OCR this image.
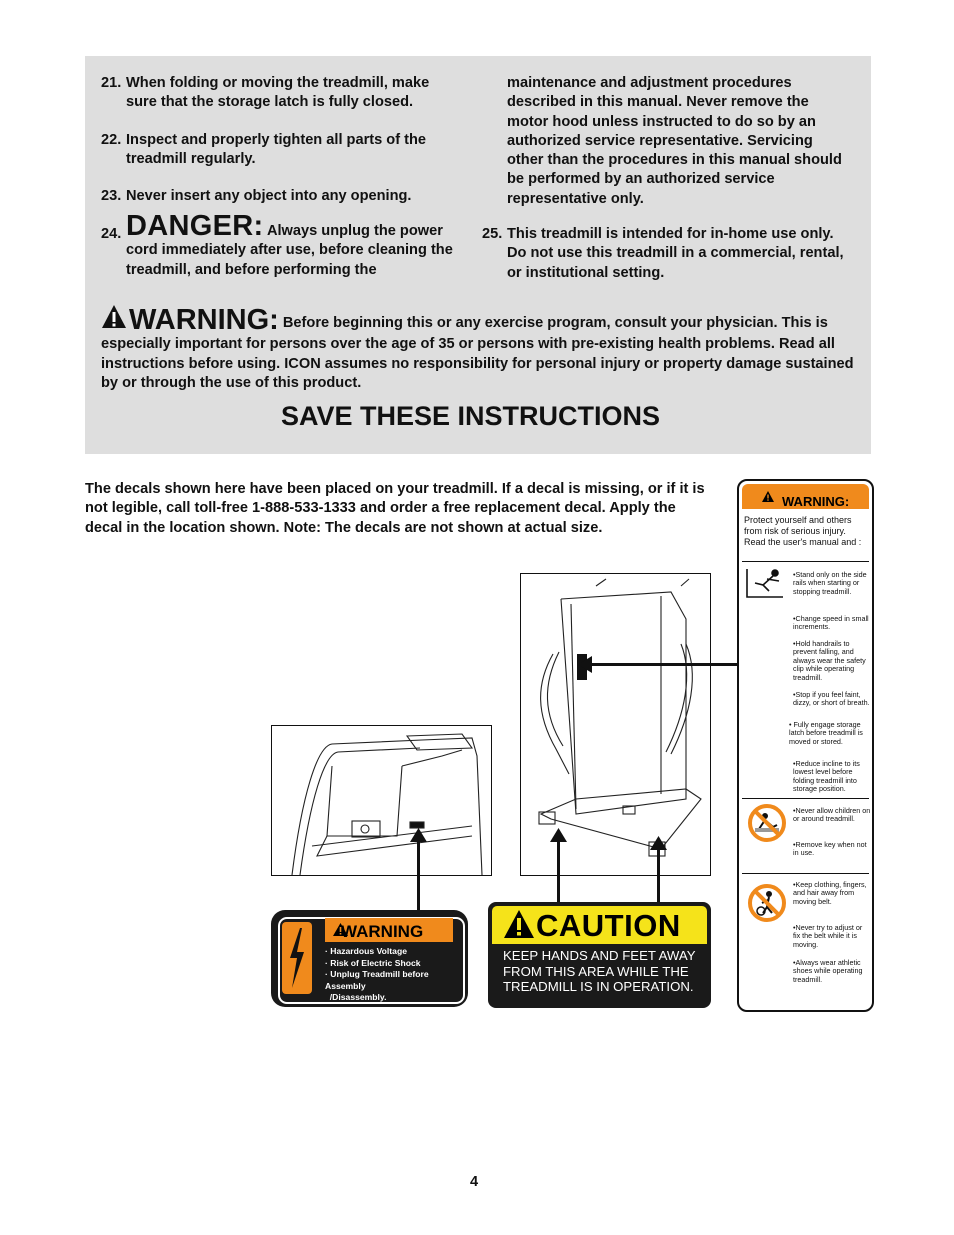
21. When folding or moving the treadmill, make sure that the storage latch is fully closed.
22. Inspect and properly tighten all parts of the treadmill regularly.
23. Never insert any object into any opening.
24. DANGER: Always unplug the power
cord immediately after use, before cleaning the treadmill, and before performing the
maintenance and adjustment procedures described in this manual. Never remove the motor hood unless instructed to do so by an authorized service representative. Servicing other than the procedures in this manual should be performed by an authorized service representative only.
25. This treadmill is intended for in-home use only. Do not use this treadmill in a commercial, rental, or institutional setting.
WARNING: Before beginning this or any exercise program, consult your physician. This is especially important for persons over the age of 35 or persons with pre-existing health problems. Read all instructions before using. ICON assumes no responsibility for personal injury or property damage sustained by or through the use of this product.
SAVE THESE INSTRUCTIONS
The decals shown here have been placed on your treadmill. If a decal is missing, or if it is not legible, call toll-free 1-888-533-1333 and order a free replacement decal. Apply the decal in the location shown. Note: The decals are not shown at actual size.
WARNING
· Hazardous Voltage
· Risk of Electric Shock
· Unplug Treadmill before Assembly
/Disassembly.
CAUTION
KEEP HANDS AND FEET AWAY
FROM THIS AREA WHILE THE
TREADMILL IS IN OPERATION.
WARNING:
Protect yourself and others from risk of serious injury. Read the user's manual and :
•Stand only on the side rails when starting or stopping treadmill.
•Change speed in small increments.
•Hold handrails to prevent falling, and always wear the safety clip while operating treadmill.
•Stop if you feel faint, dizzy, or short of breath.
• Fully engage storage latch before treadmill is moved or stored.
•Reduce incline to its lowest level before folding treadmill into storage position.
•Never allow children on or around treadmill.
•Remove key when not in use.
•Keep clothing, fingers, and hair away from moving belt.
•Never try to adjust or fix the belt while it is moving.
•Always wear athletic shoes while operating treadmill.
4
